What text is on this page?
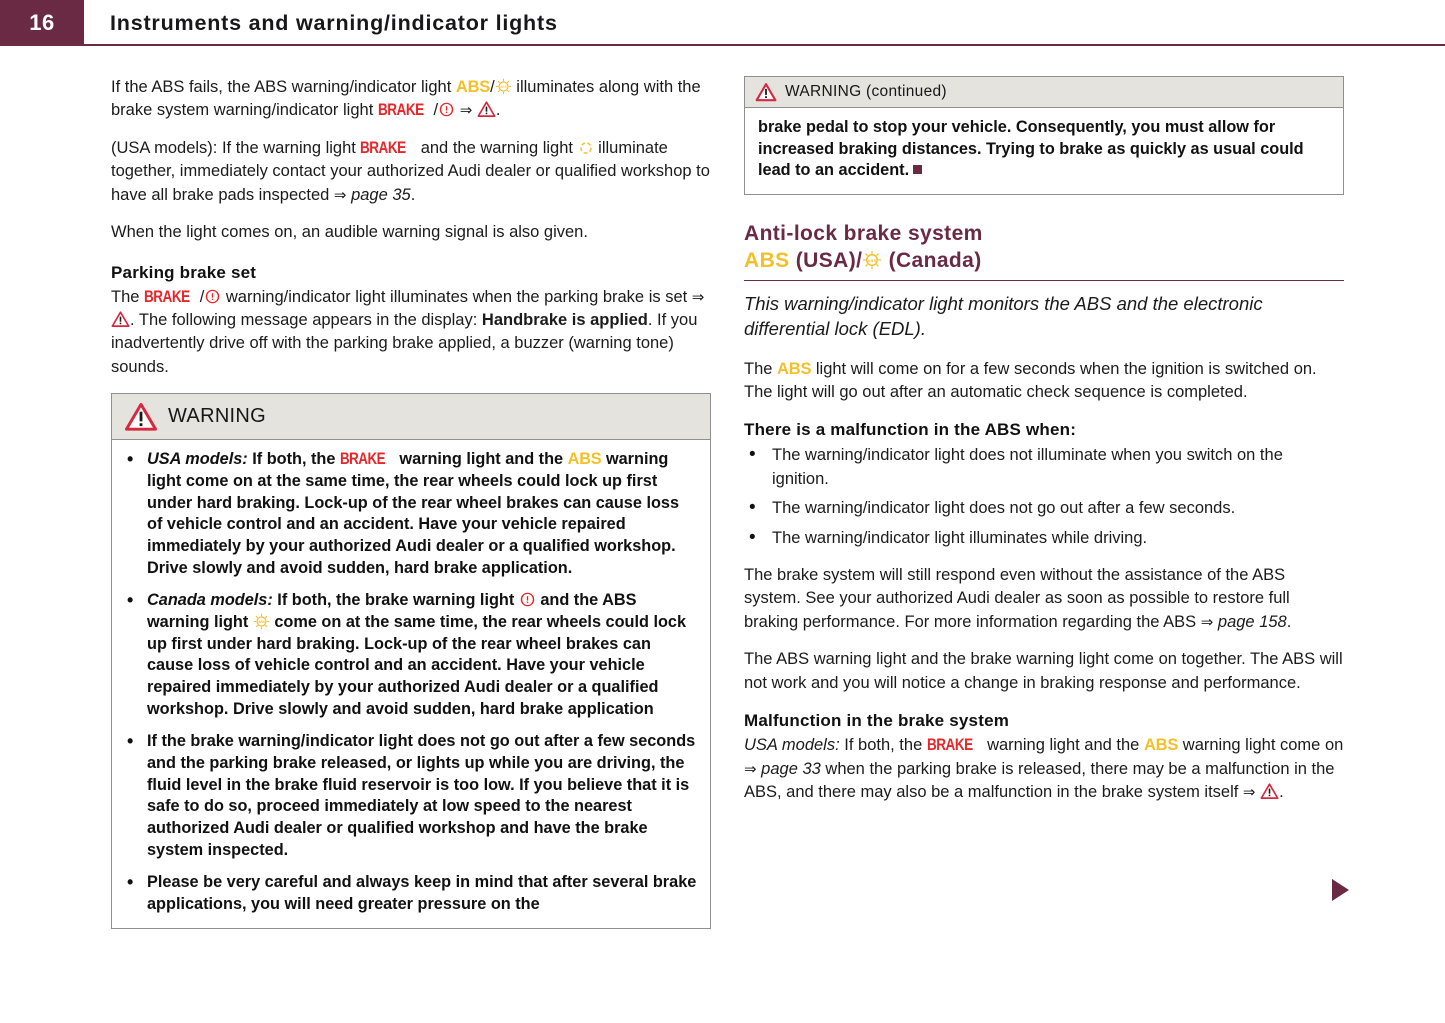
16	Instruments and warning/indicator lights

If the ABS fails, the ABS warning/indicator light ABS/ ABS illuminates along with the brake system warning/indicator light BRAKE / ⇒ .

(USA models): If the warning light BRAKE and the warning light
illuminate together, immediately contact your authorized Audi dealer or qualified workshop to have all brake pads inspected ⇒ page 35.

When the light comes on, an audible warning signal is also given.

Parking brake set

The BRAKE /
warning/indicator light illuminates when the parking brake is set ⇒
. The following message appears in the display: Handbrake is applied. If you inadvertently drive off with the parking brake applied, a buzzer (warning tone) sounds.

WARNING

• USA models: If both, the BRAKE warning light and the ABS warning light come on at the same time, the rear wheels could lock up first under hard braking. Lock-up of the rear wheel brakes can cause loss of vehicle control and an accident. Have your vehicle repaired immediately by your authorized Audi dealer or a qualified workshop. Drive slowly and avoid sudden, hard brake application.

• Canada models: If both, the brake warning light
and the ABS warning light ABS come on at the same time, the rear wheels could lock up first under hard braking. Lock-up of the rear wheel brakes can cause loss of vehicle control and an accident. Have your vehicle repaired immediately by your authorized Audi dealer or a qualified workshop. Drive slowly and avoid sudden, hard brake application

• If the brake warning/indicator light does not go out after a few seconds and the parking brake released, or lights up while you are driving, the fluid level in the brake fluid reservoir is too low. If you believe that it is safe to do so, proceed immediately at low speed to the nearest authorized Audi dealer or qualified workshop and have the brake system inspected.

• Please be very careful and always keep in mind that after several brake applications, you will need greater pressure on the

WARNING (continued)

brake pedal to stop your vehicle. Consequently, you must allow for increased braking distances. Trying to brake as quickly as usual could lead to an accident.

Anti-lock brake system
ABS (USA)/ ABS (Canada)

This warning/indicator light monitors the ABS and the electronic differential lock (EDL).

The ABS light will come on for a few seconds when the ignition is switched on. The light will go out after an automatic check sequence is completed.

There is a malfunction in the ABS when:
• The warning/indicator light does not illuminate when you switch on the ignition.
• The warning/indicator light does not go out after a few seconds.
• The warning/indicator light illuminates while driving.

The brake system will still respond even without the assistance of the ABS system. See your authorized Audi dealer as soon as possible to restore full braking performance. For more information regarding the ABS ⇒ page 158.

The ABS warning light and the brake warning light come on together. The ABS will not work and you will notice a change in braking response and performance.

Malfunction in the brake system

USA models: If both, the BRAKE warning light and the ABS warning light come on ⇒ page 33 when the parking brake is released, there may be a malfunction in the ABS, and there may also be a malfunction in the brake system itself ⇒ .
